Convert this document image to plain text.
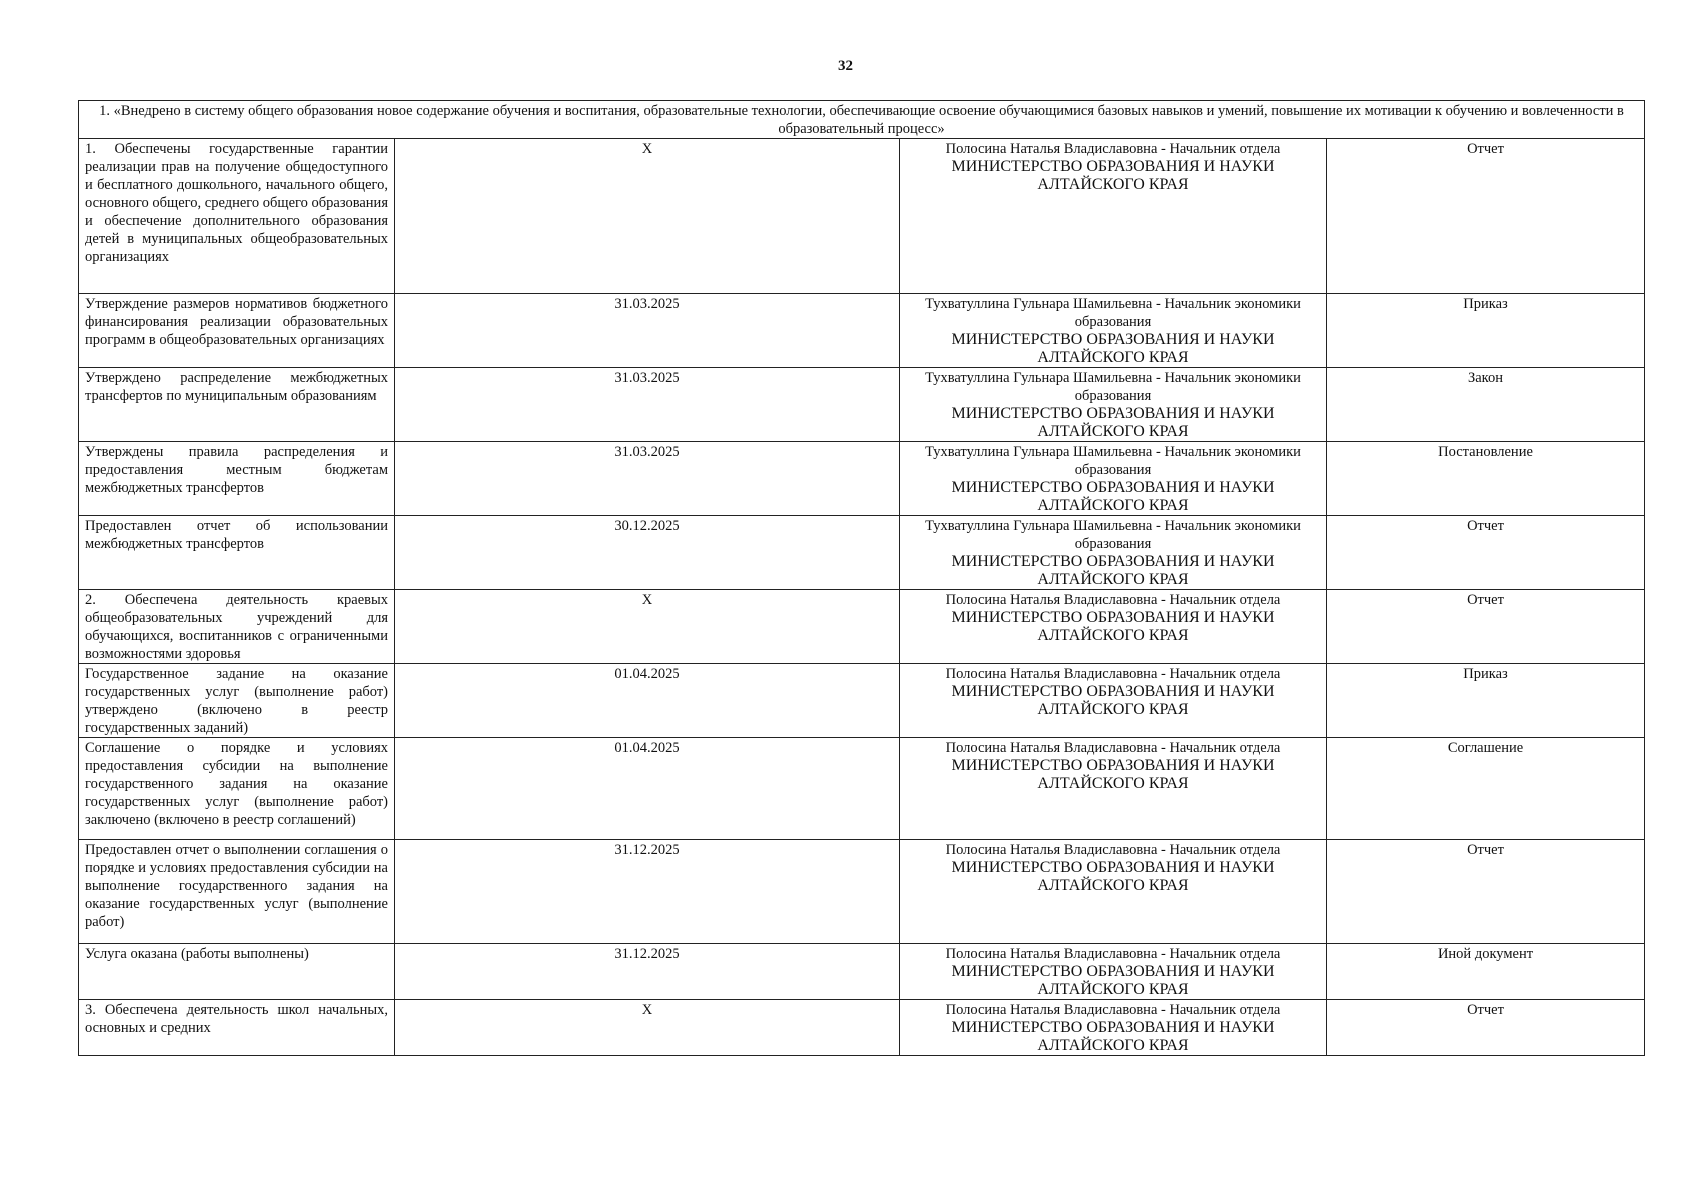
32
1. «Внедрено в систему общего образования новое содержание обучения и воспитания, образовательные технологии, обеспечивающие освоение обучающимися базовых навыков и умений, повышение их мотивации к обучению и вовлеченности в образовательный процесс»			
1. Обеспечены государственные гарантии реализации прав на получение общедоступного и бесплатного дошкольного, начального общего, основного общего, среднего общего образования и обеспечение дополнительного образования детей в муниципальных общеобразовательных организациях	X	Полосина Наталья Владиславовна - Начальник отдела
МИНИСТЕРСТВО ОБРАЗОВАНИЯ И НАУКИ АЛТАЙСКОГО КРАЯ	Отчет
Утверждение размеров нормативов бюджетного финансирования реализации образовательных программ в общеобразовательных организациях	31.03.2025	Тухватуллина Гульнара Шамильевна - Начальник экономики образования
МИНИСТЕРСТВО ОБРАЗОВАНИЯ И НАУКИ АЛТАЙСКОГО КРАЯ	Приказ
Утверждено распределение межбюджетных трансфертов по муниципальным образованиям	31.03.2025	Тухватуллина Гульнара Шамильевна - Начальник экономики образования
МИНИСТЕРСТВО ОБРАЗОВАНИЯ И НАУКИ АЛТАЙСКОГО КРАЯ	Закон
Утверждены правила распределения и предоставления местным бюджетам межбюджетных трансфертов	31.03.2025	Тухватуллина Гульнара Шамильевна - Начальник экономики образования
МИНИСТЕРСТВО ОБРАЗОВАНИЯ И НАУКИ АЛТАЙСКОГО КРАЯ	Постановление
Предоставлен отчет об использовании межбюджетных трансфертов	30.12.2025	Тухватуллина Гульнара Шамильевна - Начальник экономики образования
МИНИСТЕРСТВО ОБРАЗОВАНИЯ И НАУКИ АЛТАЙСКОГО КРАЯ	Отчет
2. Обеспечена деятельность краевых общеобразовательных учреждений для обучающихся, воспитанников с ограниченными возможностями здоровья	X	Полосина Наталья Владиславовна - Начальник отдела
МИНИСТЕРСТВО ОБРАЗОВАНИЯ И НАУКИ АЛТАЙСКОГО КРАЯ	Отчет
Государственное задание на оказание государственных услуг (выполнение работ) утверждено (включено в реестр государственных заданий)	01.04.2025	Полосина Наталья Владиславовна - Начальник отдела
МИНИСТЕРСТВО ОБРАЗОВАНИЯ И НАУКИ АЛТАЙСКОГО КРАЯ	Приказ
Соглашение о порядке и условиях предоставления субсидии на выполнение государственного задания на оказание государственных услуг (выполнение работ) заключено (включено в реестр соглашений)	01.04.2025	Полосина Наталья Владиславовна - Начальник отдела
МИНИСТЕРСТВО ОБРАЗОВАНИЯ И НАУКИ АЛТАЙСКОГО КРАЯ	Соглашение
Предоставлен отчет о выполнении соглашения о порядке и условиях предоставления субсидии на выполнение государственного задания на оказание государственных услуг (выполнение работ)	31.12.2025	Полосина Наталья Владиславовна - Начальник отдела
МИНИСТЕРСТВО ОБРАЗОВАНИЯ И НАУКИ АЛТАЙСКОГО КРАЯ	Отчет
Услуга оказана (работы выполнены)	31.12.2025	Полосина Наталья Владиславовна - Начальник отдела
МИНИСТЕРСТВО ОБРАЗОВАНИЯ И НАУКИ АЛТАЙСКОГО КРАЯ	Иной документ
3. Обеспечена деятельность школ начальных, основных и средних	X	Полосина Наталья Владиславовна - Начальник отдела
МИНИСТЕРСТВО ОБРАЗОВАНИЯ И НАУКИ АЛТАЙСКОГО КРАЯ	Отчет
